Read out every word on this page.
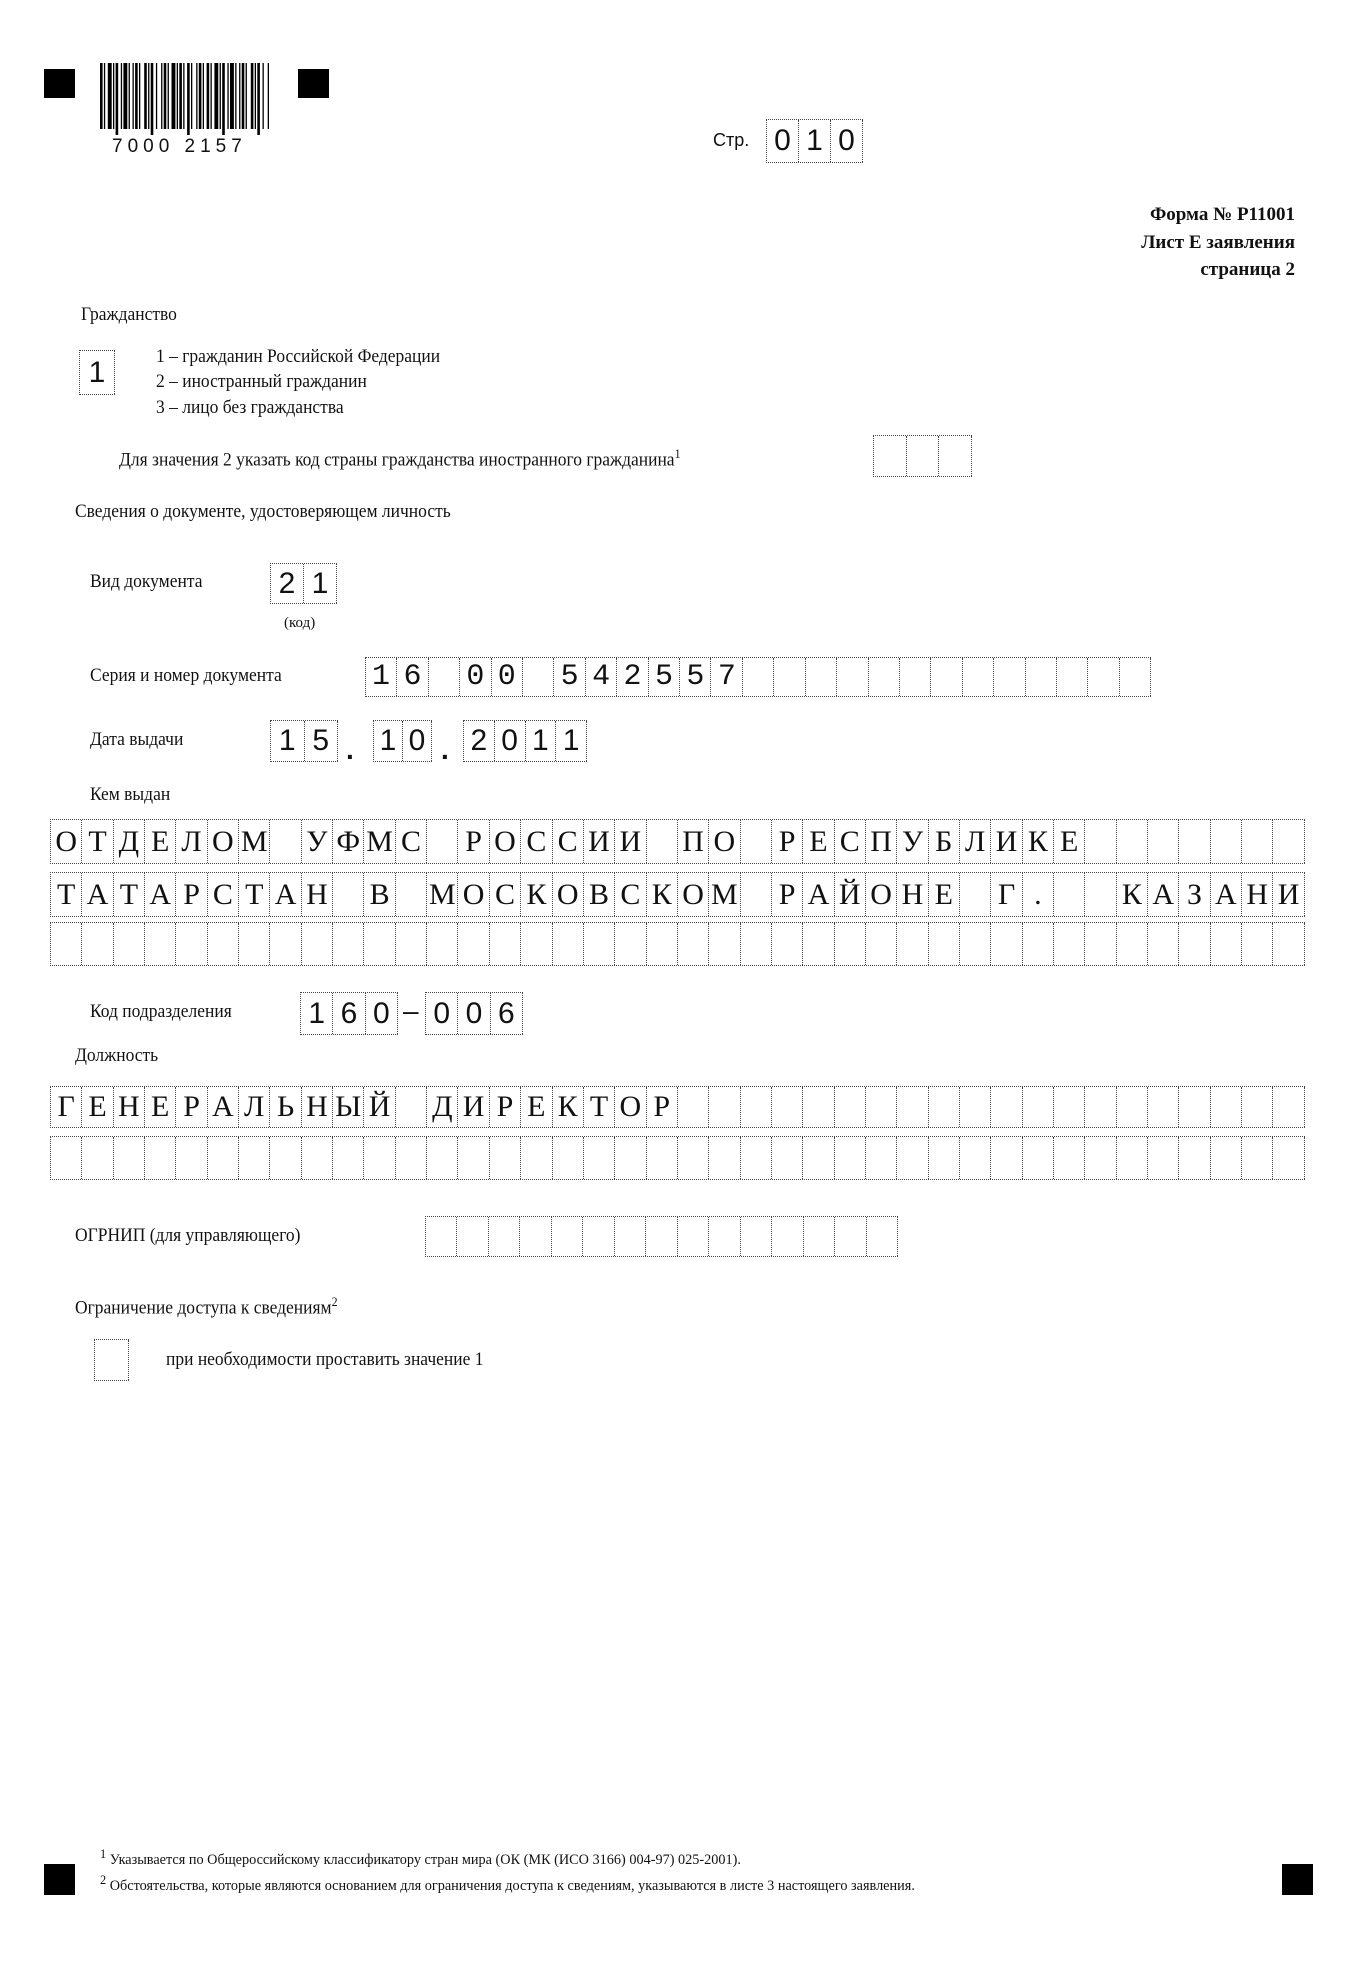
7000 2157	Стр. 0 1 0
Форма № Р11001
Лист Е заявления
страница 2
Гражданство
1	1 – гражданин Российской Федерации
2 – иностранный гражданин
3 – лицо без гражданства
Для значения 2 указать код страны гражданства иностранного гражданина$^1$
Сведения о документе, удостоверяющем личность
Вид документа	2 1
(код)
Серия и номер документа	16 00 542557
Дата выдачи	1 5 . 1 0 . 2 0 1 1
Кем выдан
О Т Д Е Л О М У Ф М С Р О С С И И П О Р Е С П У Б Л И К Е
Т А Т А Р С Т А Н В М О С К О В С К О М Р А Й О Н Е Г .	К А З А Н И
Код подразделения	1 6 0 – 0 0 6
Должность
Г Е Н Е Р А Л Ь Н Ы Й Д И Р Е К Т О Р
ОГРНИП (для управляющего)
Ограничение доступа к сведениям$^2$
при необходимости проставить значение 1
$^1$ Указывается по Общероссийскому классификатору стран мира (ОК (МК (ИСО 3166) 004-97) 025-2001).
$^2$ Обстоятельства, которые являются основанием для ограничения доступа к сведениям, указываются в листе 3 настоящего заявления.
